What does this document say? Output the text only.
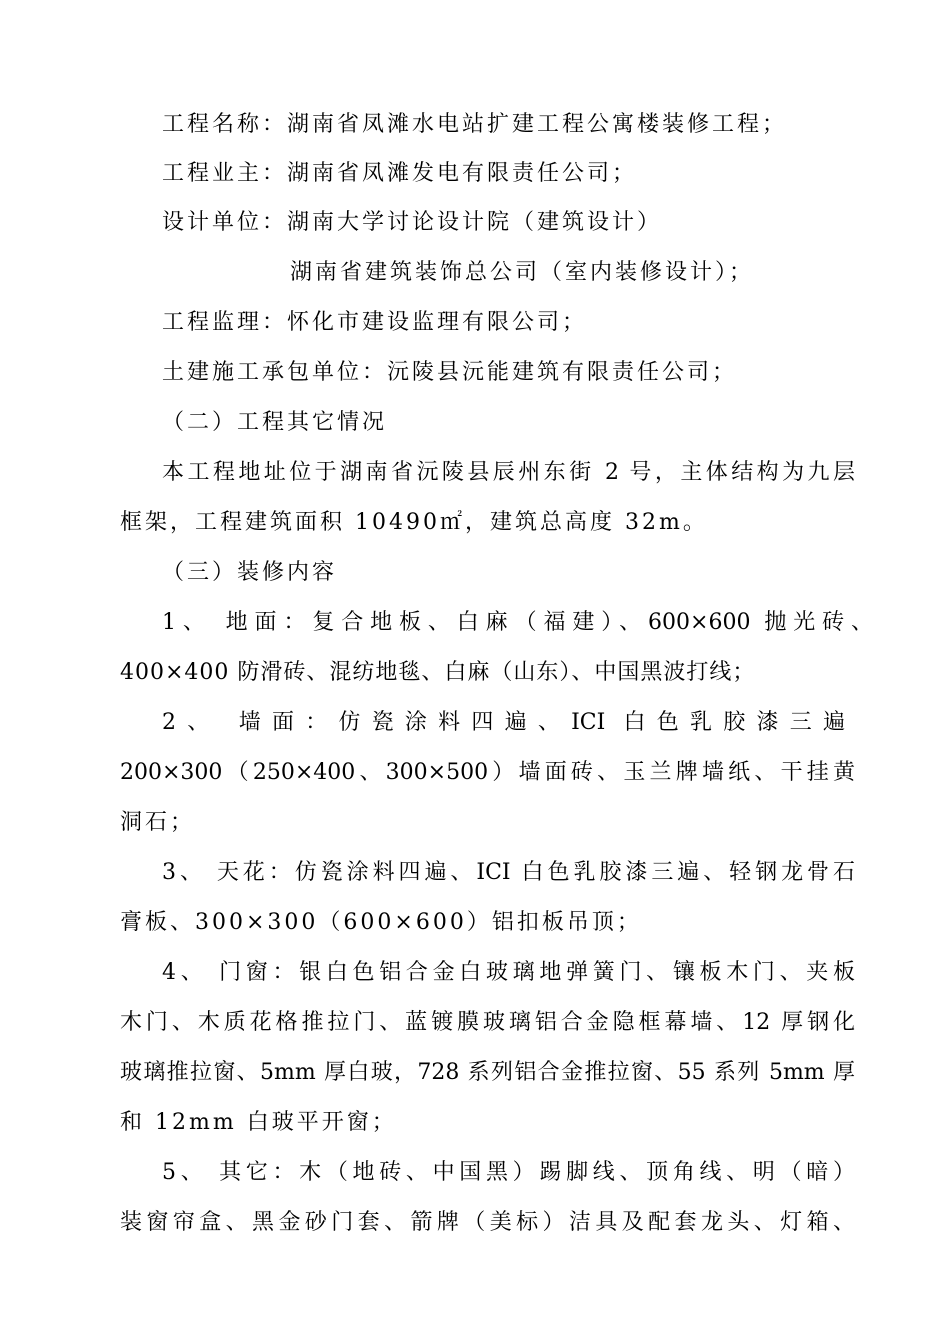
工程名称：湖南省凤滩水电站扩建工程公寓楼装修工程；
工程业主：湖南省凤滩发电有限责任公司；
设计单位：湖南大学讨论设计院（建筑设计）
湖南省建筑装饰总公司（室内装修设计）；
工程监理：怀化市建设监理有限公司；
土建施工承包单位：沅陵县沅能建筑有限责任公司；
（二）工程其它情况
本工程地址位于湖南省沅陵县辰州东街 2 号，主体结构为九层
框架，工程建筑面积 10490㎡，建筑总高度 32m。
（三）装修内容
1、 地面：复合地板、白麻（福建）、600×600 抛光砖、
400×400 防滑砖、混纺地毯、白麻（山东）、中国黑波打线；
2、 墙面：仿瓷涂料四遍、ICI 白色乳胶漆三遍
200×300（250×400、300×500）墙面砖、玉兰牌墙纸、干挂黄
洞石；
3、 天花：仿瓷涂料四遍、ICI 白色乳胶漆三遍、轻钢龙骨石
膏板、300×300（600×600）铝扣板吊顶；
4、 门窗：银白色铝合金白玻璃地弹簧门、镶板木门、夹板
木门、木质花格推拉门、蓝镀膜玻璃铝合金隐框幕墙、12 厚钢化
玻璃推拉窗、5mm 厚白玻，728 系列铝合金推拉窗、55 系列 5mm 厚
和 12mm 白玻平开窗；
5、 其它：木（地砖、中国黑）踢脚线、顶角线、明（暗）
装窗帘盒、黑金砂门套、箭牌（美标）洁具及配套龙头、灯箱、
